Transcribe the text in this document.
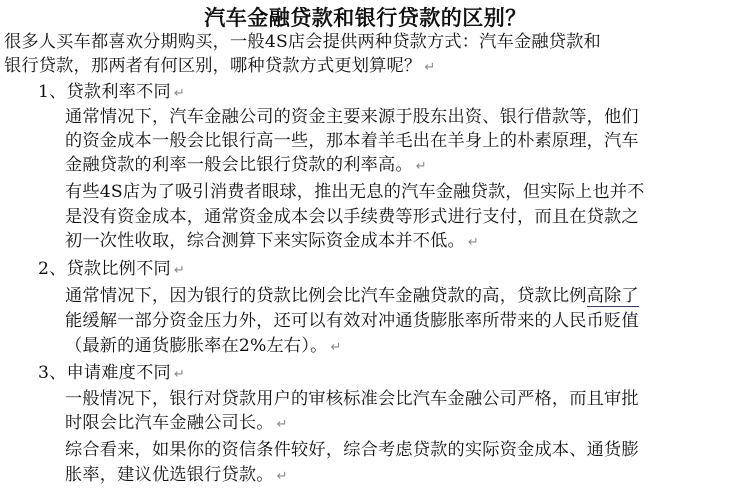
汽车金融贷款和银行贷款的区别？
很多人买车都喜欢分期购买，一般4S店会提供两种贷款方式：汽车金融贷款和
银行贷款，那两者有何区别，哪种贷款方式更划算呢？ ↵
1、贷款利率不同 ↵
通常情况下，汽车金融公司的资金主要来源于股东出资、银行借款等，他们
的资金成本一般会比银行高一些，那本着羊毛出在羊身上的朴素原理，汽车
金融贷款的利率一般会比银行贷款的利率高。 ↵
有些4S店为了吸引消费者眼球，推出无息的汽车金融贷款，但实际上也并不
是没有资金成本，通常资金成本会以手续费等形式进行支付，而且在贷款之
初一次性收取，综合测算下来实际资金成本并不低。 ↵
2、贷款比例不同 ↵
通常情况下，因为银行的贷款比例会比汽车金融贷款的高，贷款比例高除了
能缓解一部分资金压力外，还可以有效对冲通货膨胀率所带来的人民币贬值
（最新的通货膨胀率在2%左右）。 ↵
3、申请难度不同 ↵
一般情况下，银行对贷款用户的审核标准会比汽车金融公司严格，而且审批
时限会比汽车金融公司长。 ↵
综合看来，如果你的资信条件较好，综合考虑贷款的实际资金成本、通货膨
胀率，建议优选银行贷款。 ↵
